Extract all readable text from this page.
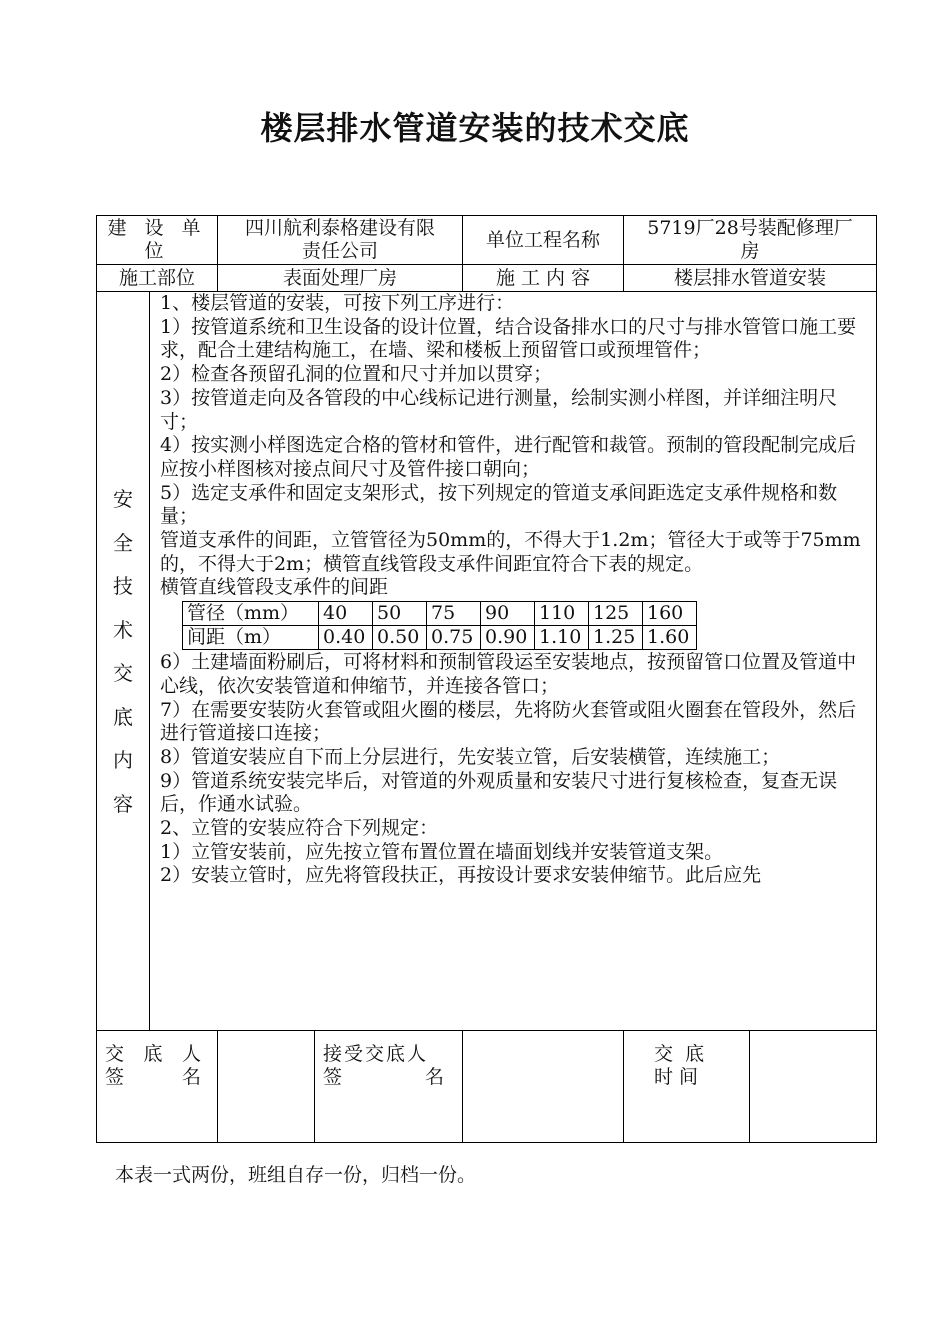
楼层排水管道安装的技术交底
建 设 单 位	四川航利泰格建设有限责任公司	单位工程名称	5719厂28号装配修理厂房
施工部位	表面处理厂房	施 工 内 容	楼层排水管道安装

安全技术交底内容

1、楼层管道的安装，可按下列工序进行：
1）按管道系统和卫生设备的设计位置，结合设备排水口的尺寸与排水管管口施工要求，配合土建结构施工，在墙、梁和楼板上预留管口或预埋管件；
2）检查各预留孔洞的位置和尺寸并加以贯穿；
3）按管道走向及各管段的中心线标记进行测量，绘制实测小样图，并详细注明尺寸；
4）按实测小样图选定合格的管材和管件，进行配管和裁管。预制的管段配制完成后应按小样图核对接点间尺寸及管件接口朝向；
5）选定支承件和固定支架形式，按下列规定的管道支承间距选定支承件规格和数量；
管道支承件的间距，立管管径为50mm的，不得大于1.2m；管径大于或等于75mm的，不得大于2m；横管直线管段支承件间距宜符合下表的规定。
横管直线管段支承件的间距
管径（mm）	40	50	75	90	110	125	160
间距（m）	0.40	0.50	0.75	0.90	1.10	1.25	1.60
6）土建墙面粉刷后，可将材料和预制管段运至安装地点，按预留管口位置及管道中心线，依次安装管道和伸缩节，并连接各管口；
7）在需要安装防火套管或阻火圈的楼层，先将防火套管或阻火圈套在管段外，然后进行管道接口连接；
8）管道安装应自下而上分层进行，先安装立管，后安装横管，连续施工；
9）管道系统安装完毕后，对管道的外观质量和安装尺寸进行复核检查，复查无误后，作通水试验。
2、立管的安装应符合下列规定：
1）立管安装前，应先按立管布置位置在墙面划线并安装管道支架。
2）安装立管时，应先将管段扶正，再按设计要求安装伸缩节。此后应先

交 底 人
签	名

接受交底人
签	名

交  底
时 间

本表一式两份，班组自存一份，归档一份。
